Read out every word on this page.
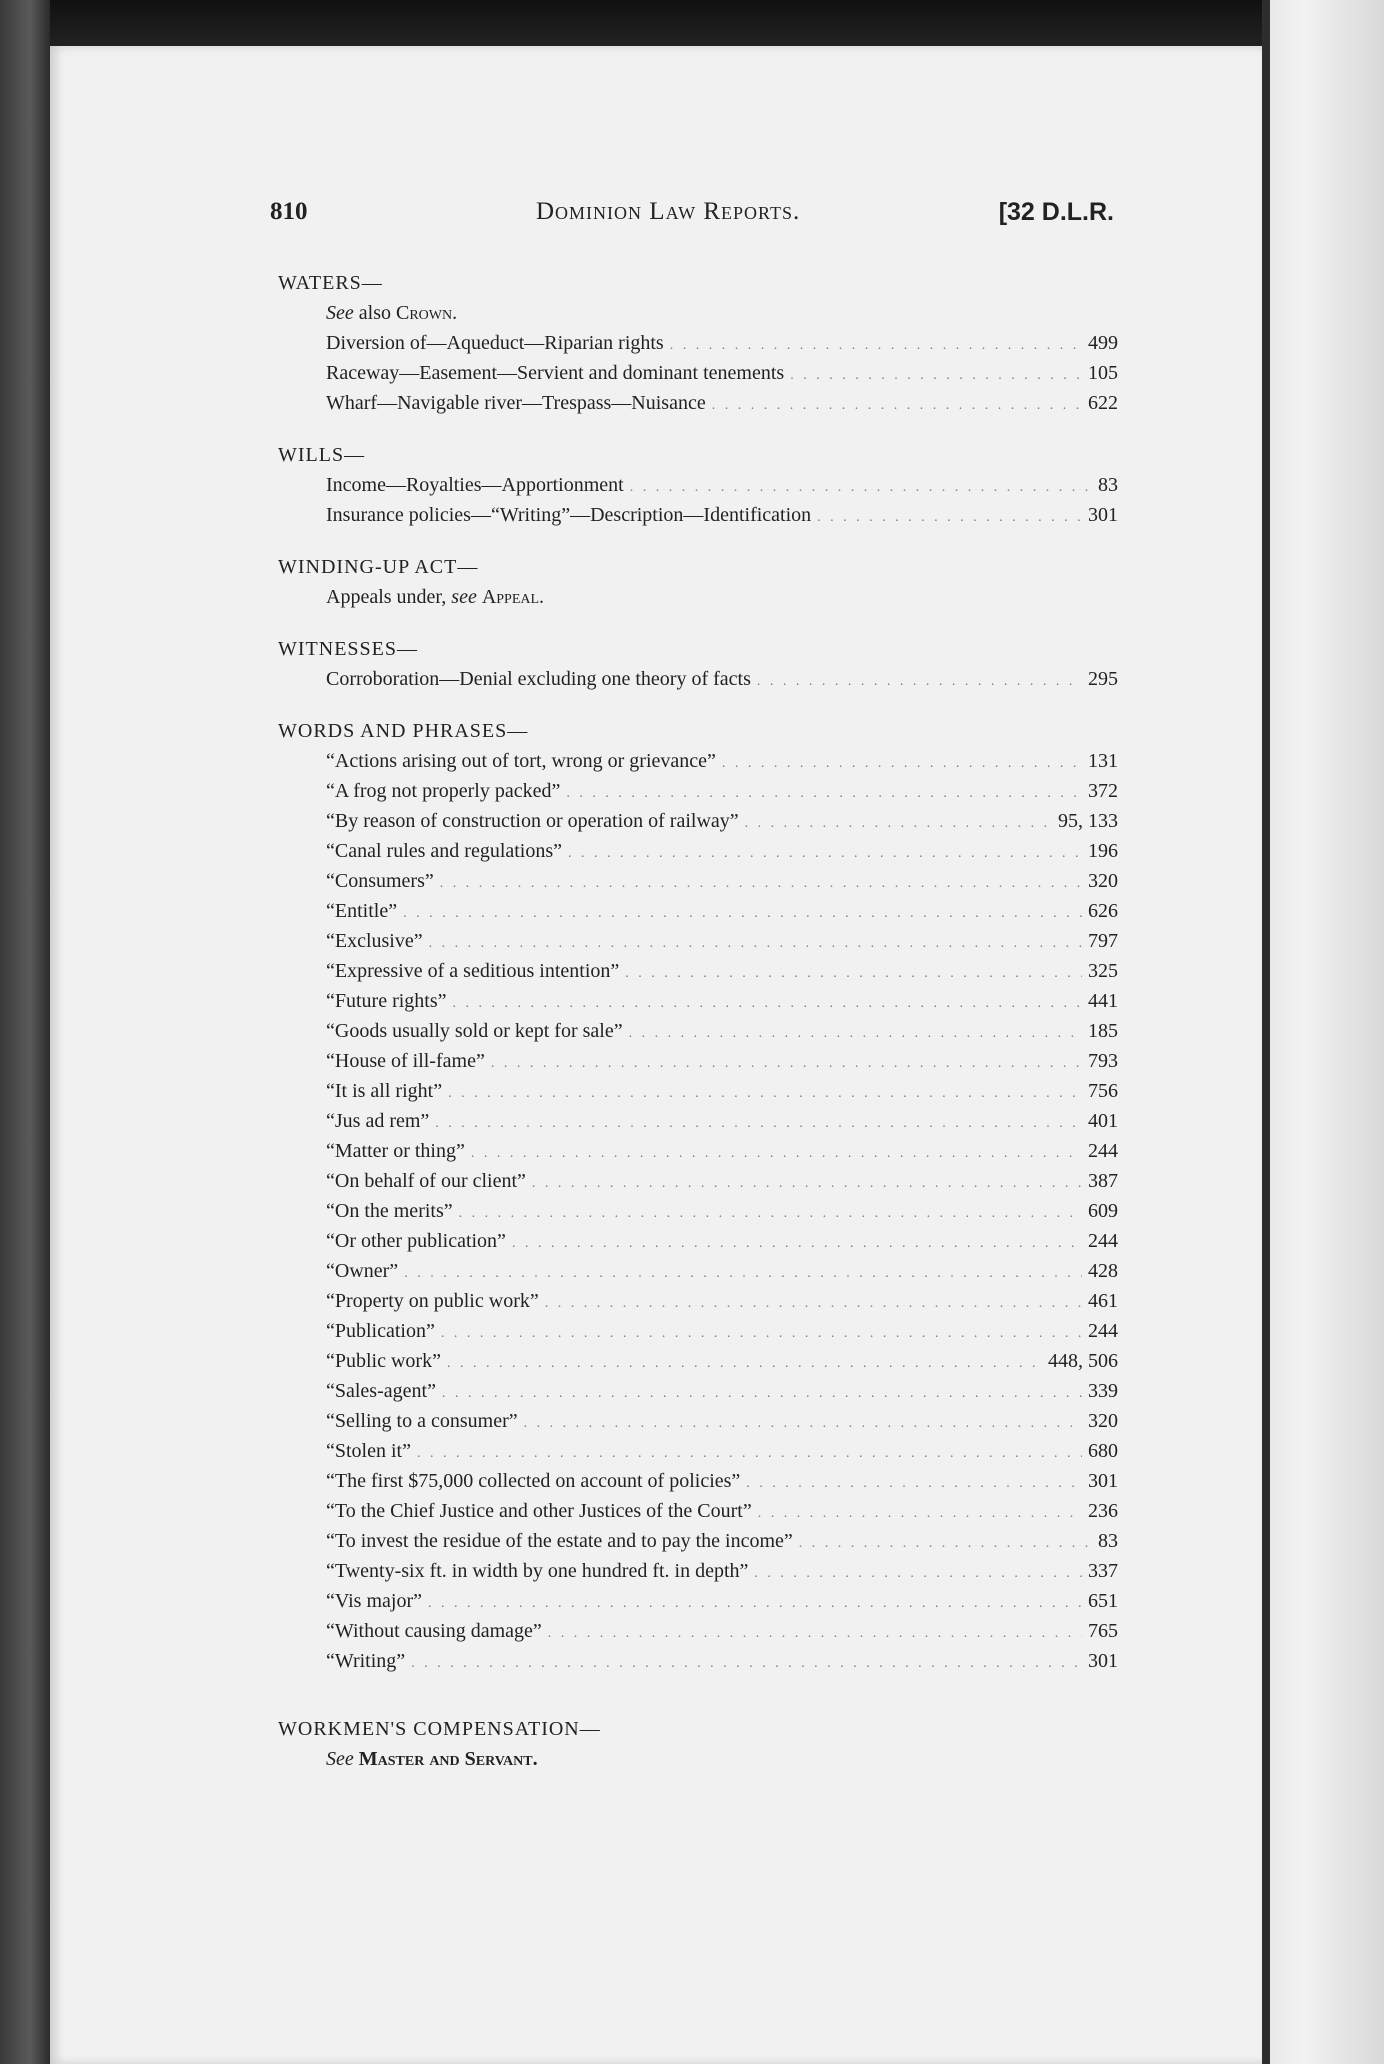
810	Dominion Law Reports.	[32 D.L.R.
WATERS—
See also Crown.
Diversion of—Aqueduct—Riparian rights . . .	499
Raceway—Easement—Servient and dominant tenements . . .	105
Wharf—Navigable river—Trespass—Nuisance . . .	622
WILLS—
Income—Royalties—Apportionment . . .	83
Insurance policies—“Writing”—Description—Identification . . .	301
WINDING-UP ACT—
Appeals under, see Appeal.
WITNESSES—
Corroboration—Denial excluding one theory of facts . . .	295
WORDS AND PHRASES—
“Actions arising out of tort, wrong or grievance” . . .	131
“A frog not properly packed” . . .	372
“By reason of construction or operation of railway” . . .	95, 133
“Canal rules and regulations” . . .	196
“Consumers” . . .	320
“Entitle” . . .	626
“Exclusive” . . .	797
“Expressive of a seditious intention” . . .	325
“Future rights” . . .	441
“Goods usually sold or kept for sale” . . .	185
“House of ill-fame” . . .	793
“It is all right” . . .	756
“Jus ad rem” . . .	401
“Matter or thing” . . .	244
“On behalf of our client” . . .	387
“On the merits” . . .	609
“Or other publication” . . .	244
“Owner” . . .	428
“Property on public work” . . .	461
“Publication” . . .	244
“Public work” . . .	448, 506
“Sales-agent” . . .	339
“Selling to a consumer” . . .	320
“Stolen it” . . .	680
“The first $75,000 collected on account of policies” . . .	301
“To the Chief Justice and other Justices of the Court” . . .	236
“To invest the residue of the estate and to pay the income” . . .	83
“Twenty-six ft. in width by one hundred ft. in depth” . . .	337
“Vis major” . . .	651
“Without causing damage” . . .	765
“Writing” . . .	301
WORKMEN'S COMPENSATION—
See Master and Servant.
